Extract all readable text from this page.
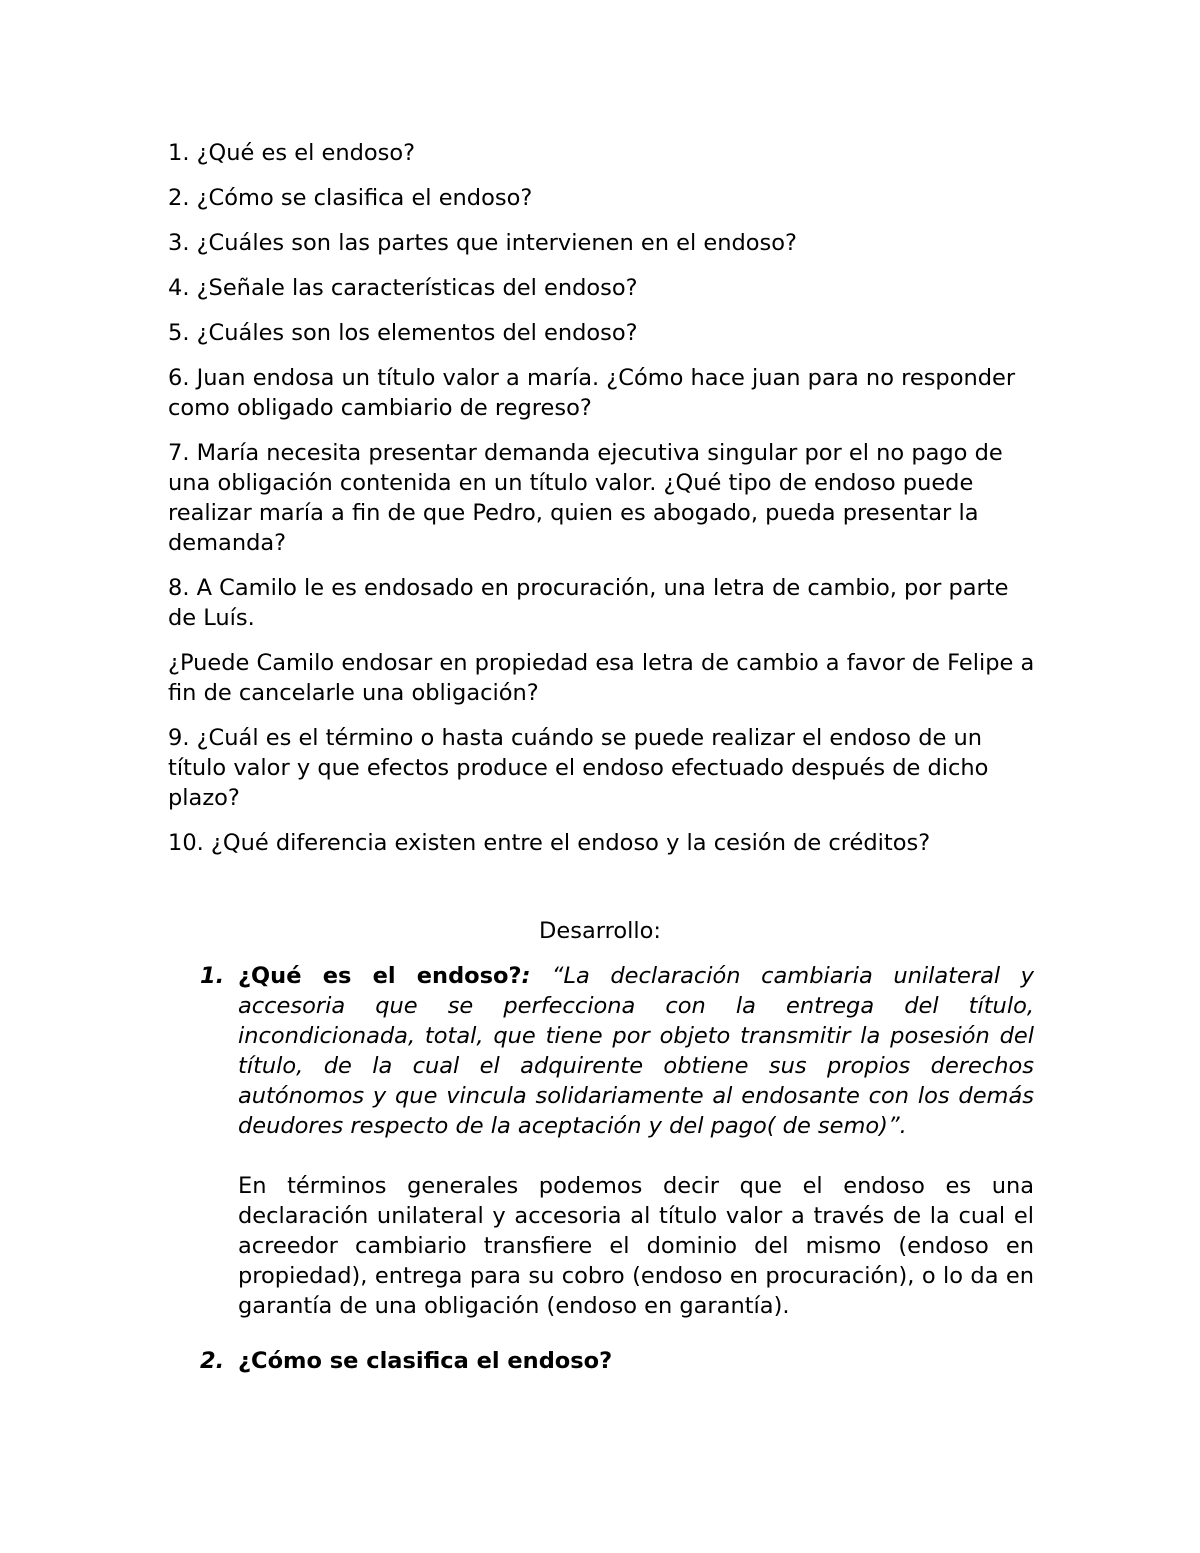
1. ¿Qué es el endoso?

2. ¿Cómo se clasifica el endoso?

3. ¿Cuáles son las partes que intervienen en el endoso?

4. ¿Señale las características del endoso?

5. ¿Cuáles son los elementos del endoso?

6. Juan endosa un título valor a maría. ¿Cómo hace juan para no responder como obligado cambiario de regreso?

7. María necesita presentar demanda ejecutiva singular por el no pago de una obligación contenida en un título valor. ¿Qué tipo de endoso puede realizar maría a fin de que Pedro, quien es abogado, pueda presentar la demanda?

8. A Camilo le es endosado en procuración, una letra de cambio, por parte de Luís.

¿Puede Camilo endosar en propiedad esa letra de cambio a favor de Felipe a fin de cancelarle una obligación?

9. ¿Cuál es el término o hasta cuándo se puede realizar el endoso de un título valor y que efectos produce el endoso efectuado después de dicho plazo?

10. ¿Qué diferencia existen entre el endoso y la cesión de créditos?

Desarrollo:
1. ¿Qué es el endoso?: “La declaración cambiaria unilateral y accesoria que se perfecciona con la entrega del título, incondicionada, total, que tiene por objeto transmitir la posesión del título, de la cual el adquirente obtiene sus propios derechos autónomos y que vincula solidariamente al endosante con los demás deudores respecto de la aceptación y del pago( de semo)”.

En términos generales podemos decir que el endoso es una declaración unilateral y accesoria al título valor a través de la cual el acreedor cambiario transfiere el dominio del mismo (endoso en propiedad), entrega para su cobro (endoso en procuración), o lo da en garantía de una obligación (endoso en garantía).

2. ¿Cómo se clasifica el endoso?
